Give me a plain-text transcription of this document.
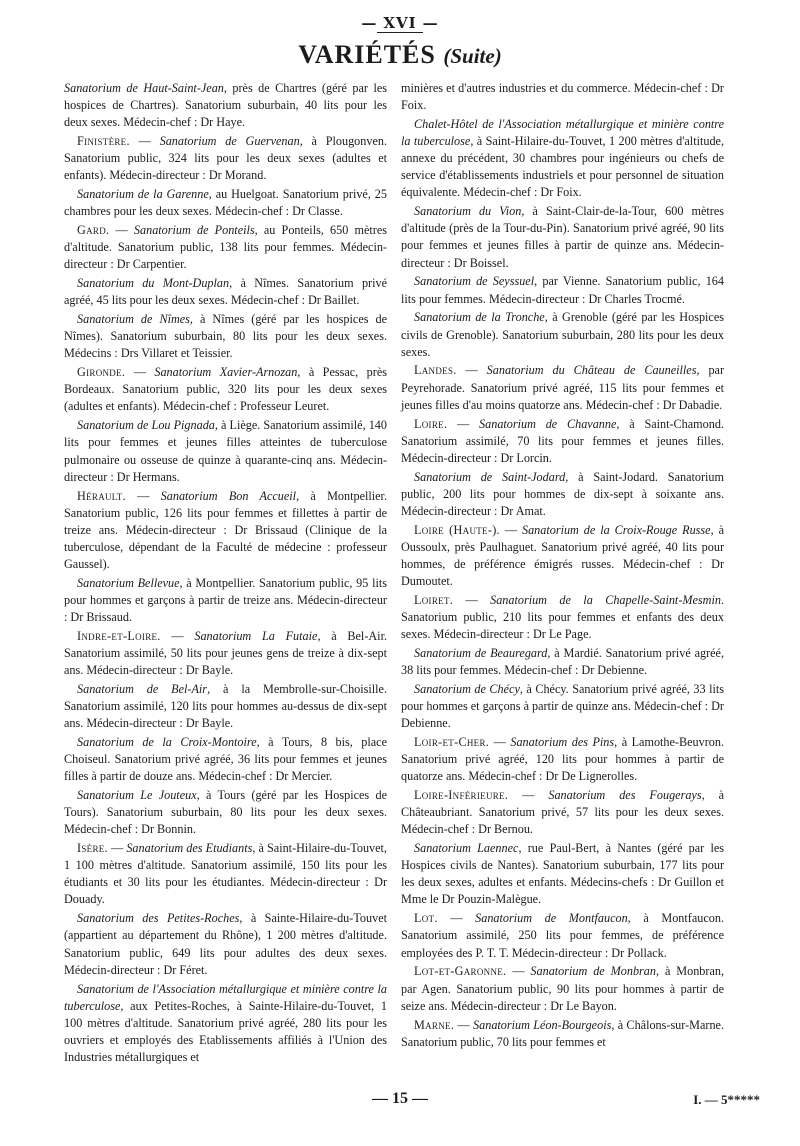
— XVI —
VARIÉTÉS (Suite)

Sanatorium de Haut-Saint-Jean, près de Chartres (géré par les hospices de Chartres). Sanatorium suburbain, 40 lits pour les deux sexes. Médecin-chef : Dr Haye.

Finistère. — Sanatorium de Guervenan, à Plougonven. Sanatorium public, 324 lits pour les deux sexes (adultes et enfants). Médecin-directeur : Dr Morand.

Sanatorium de la Garenne, au Huelgoat. Sanatorium privé, 25 chambres pour les deux sexes. Médecin-chef : Dr Classe.

Gard. — Sanatorium de Ponteils, au Ponteils, 650 mètres d'altitude. Sanatorium public, 138 lits pour femmes. Médecin-directeur : Dr Carpentier.

Sanatorium du Mont-Duplan, à Nîmes. Sanatorium privé agréé, 45 lits pour les deux sexes. Médecin-chef : Dr Baillet.

Sanatorium de Nîmes, à Nîmes (géré par les hospices de Nîmes). Sanatorium suburbain, 80 lits pour les deux sexes. Médecins : Drs Villaret et Teissier.

Gironde. — Sanatorium Xavier-Arnozan, à Pessac, près Bordeaux. Sanatorium public, 320 lits pour les deux sexes (adultes et enfants). Médecin-chef : Professeur Leuret.

Sanatorium de Lou Pignada, à Liège. Sanatorium assimilé, 140 lits pour femmes et jeunes filles atteintes de tuberculose pulmonaire ou osseuse de quinze à quarante-cinq ans. Médecin-directeur : Dr Hermans.

Hérault. — Sanatorium Bon Accueil, à Montpellier. Sanatorium public, 126 lits pour femmes et fillettes à partir de treize ans. Médecin-directeur : Dr Brissaud (Clinique de la tuberculose, dépendant de la Faculté de médecine : professeur Gaussel).

Sanatorium Bellevue, à Montpellier. Sanatorium public, 95 lits pour hommes et garçons à partir de treize ans. Médecin-directeur : Dr Brissaud.

Indre-et-Loire. — Sanatorium La Futaie, à Bel-Air. Sanatorium assimilé, 50 lits pour jeunes gens de treize à dix-sept ans. Médecin-directeur : Dr Bayle.

Sanatorium de Bel-Air, à la Membrolle-sur-Choisille. Sanatorium assimilé, 120 lits pour hommes au-dessus de dix-sept ans. Médecin-directeur : Dr Bayle.

Sanatorium de la Croix-Montoire, à Tours, 8 bis, place Choiseul. Sanatorium privé agréé, 36 lits pour femmes et jeunes filles à partir de douze ans. Médecin-chef : Dr Mercier.

Sanatorium Le Jouteux, à Tours (géré par les Hospices de Tours). Sanatorium suburbain, 80 lits pour les deux sexes. Médecin-chef : Dr Bonnin.

Isère. — Sanatorium des Etudiants, à Saint-Hilaire-du-Touvet, 1 100 mètres d'altitude. Sanatorium assimilé, 150 lits pour les étudiants et 30 lits pour les étudiantes. Médecin-directeur : Dr Douady.

Sanatorium des Petites-Roches, à Sainte-Hilaire-du-Touvet (appartient au département du Rhône), 1 200 mètres d'altitude. Sanatorium public, 649 lits pour adultes des deux sexes. Médecin-directeur : Dr Féret.

Sanatorium de l'Association métallurgique et minière contre la tuberculose, aux Petites-Roches, à Sainte-Hilaire-du-Touvet, 1 100 mètres d'altitude. Sanatorium privé agréé, 280 lits pour les ouvriers et employés des Etablissements affiliés à l'Union des Industries métallurgiques et

minières et d'autres industries et du commerce. Médecin-chef : Dr Foix.

Chalet-Hôtel de l'Association métallurgique et minière contre la tuberculose, à Saint-Hilaire-du-Touvet, 1 200 mètres d'altitude, annexe du précédent, 30 chambres pour ingénieurs ou chefs de service d'établissements industriels et pour personnel de situation équivalente. Médecin-chef : Dr Foix.

Sanatorium du Vion, à Saint-Clair-de-la-Tour, 600 mètres d'altitude (près de la Tour-du-Pin). Sanatorium privé agréé, 90 lits pour femmes et jeunes filles à partir de quinze ans. Médecin-directeur : Dr Boissel.

Sanatorium de Seyssuel, par Vienne. Sanatorium public, 164 lits pour femmes. Médecin-directeur : Dr Charles Trocmé.

Sanatorium de la Tronche, à Grenoble (géré par les Hospices civils de Grenoble). Sanatorium suburbain, 280 lits pour les deux sexes.

Landes. — Sanatorium du Château de Cauneilles, par Peyrehorade. Sanatorium privé agréé, 115 lits pour femmes et jeunes filles d'au moins quatorze ans. Médecin-chef : Dr Dabadie.

Loire. — Sanatorium de Chavanne, à Saint-Chamond. Sanatorium assimilé, 70 lits pour femmes et jeunes filles. Médecin-directeur : Dr Lorcin.

Sanatorium de Saint-Jodard, à Saint-Jodard. Sanatorium public, 200 lits pour hommes de dix-sept à soixante ans. Médecin-directeur : Dr Amat.

Loire (Haute-). — Sanatorium de la Croix-Rouge Russe, à Oussoulx, près Paulhaguet. Sanatorium privé agréé, 40 lits pour hommes, de préférence émigrés russes. Médecin-chef : Dr Dumoutet.

Loiret. — Sanatorium de la Chapelle-Saint-Mesmin. Sanatorium public, 210 lits pour femmes et enfants des deux sexes. Médecin-directeur : Dr Le Page.

Sanatorium de Beauregard, à Mardié. Sanatorium privé agréé, 38 lits pour femmes. Médecin-chef : Dr Debienne.

Sanatorium de Chécy, à Chécy. Sanatorium privé agréé, 33 lits pour hommes et garçons à partir de quinze ans. Médecin-chef : Dr Debienne.

Loir-et-Cher. — Sanatorium des Pins, à Lamothe-Beuvron. Sanatorium privé agréé, 120 lits pour hommes à partir de quatorze ans. Médecin-chef : Dr De Lignerolles.

Loire-Inférieure. — Sanatorium des Fougerays, à Châteaubriant. Sanatorium privé, 57 lits pour les deux sexes. Médecin-chef : Dr Bernou.

Sanatorium Laennec, rue Paul-Bert, à Nantes (géré par les Hospices civils de Nantes). Sanatorium suburbain, 177 lits pour les deux sexes, adultes et enfants. Médecins-chefs : Dr Guillon et Mme le Dr Pouzin-Malègue.

Lot. — Sanatorium de Montfaucon, à Montfaucon. Sanatorium assimilé, 250 lits pour femmes, de préférence employées des P. T. T. Médecin-directeur : Dr Pollack.

Lot-et-Garonne. — Sanatorium de Monbran, à Monbran, par Agen. Sanatorium public, 90 lits pour hommes à partir de seize ans. Médecin-directeur : Dr Le Bayon.

Marne. — Sanatorium Léon-Bourgeois, à Châlons-sur-Marne. Sanatorium public, 70 lits pour femmes et

— 15 —	I. — 5*****
